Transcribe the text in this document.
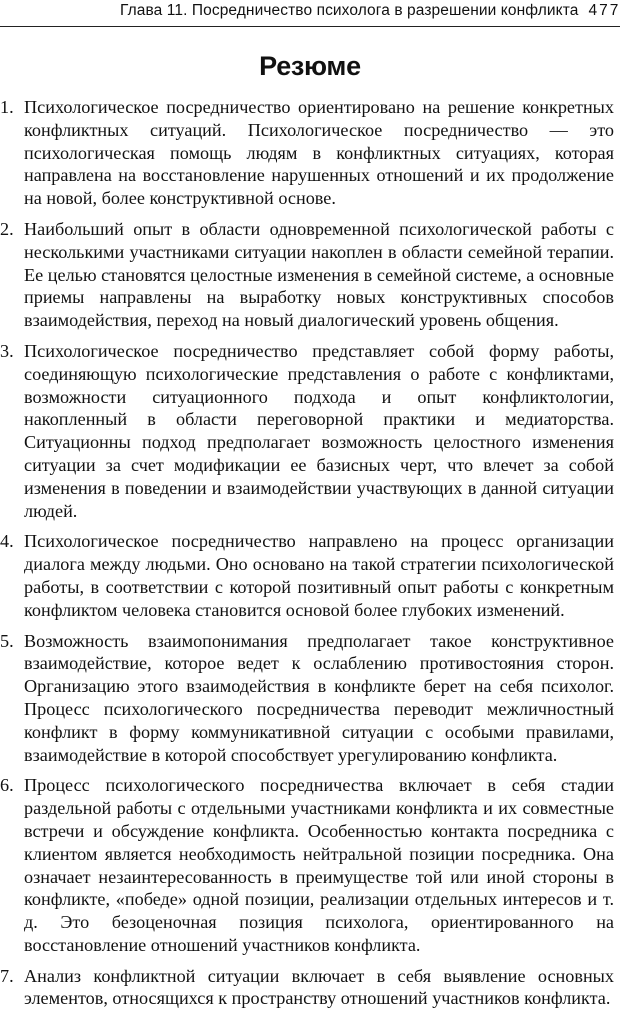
Глава 11. Посредничество психолога в разрешении конфликта 477
Резюме
1. Психологическое посредничество ориентировано на решение конкретных конфликтных ситуаций. Психологическое посредничество — это психологическая помощь людям в конфликтных ситуациях, которая направлена на восстановление нарушенных отношений и их продолжение на новой, более конструктивной основе.
2. Наибольший опыт в области одновременной психологической работы с несколькими участниками ситуации накоплен в области семейной терапии. Ее целью становятся целостные изменения в семейной системе, а основные приемы направлены на выработку новых конструктивных способов взаимодействия, переход на новый диалогический уровень общения.
3. Психологическое посредничество представляет собой форму работы, соединяющую психологические представления о работе с конфликтами, возможности ситуационного подхода и опыт конфликтологии, накопленный в области переговорной практики и медиаторства. Ситуационны подход предполагает возможность целостного изменения ситуации за счет модификации ее базисных черт, что влечет за собой изменения в поведении и взаимодействии участвующих в данной ситуации людей.
4. Психологическое посредничество направлено на процесс организации диалога между людьми. Оно основано на такой стратегии психологической работы, в соответствии с которой позитивный опыт работы с конкретным конфликтом человека становится основой более глубоких изменений.
5. Возможность взаимопонимания предполагает такое конструктивное взаимодействие, которое ведет к ослаблению противостояния сторон. Организацию этого взаимодействия в конфликте берет на себя психолог. Процесс психологического посредничества переводит межличностный конфликт в форму коммуникативной ситуации с особыми правилами, взаимодействие в которой способствует урегулированию конфликта.
6. Процесс психологического посредничества включает в себя стадии раздельной работы с отдельными участниками конфликта и их совместные встречи и обсуждение конфликта. Особенностью контакта посредника с клиентом является необходимость нейтральной позиции посредника. Она означает незаинтересованность в преимуществе той или иной стороны в конфликте, «победе» одной позиции, реализации отдельных интересов и т. д. Это безоценочная позиция психолога, ориентированного на восстановление отношений участников конфликта.
7. Анализ конфликтной ситуации включает в себя выявление основных элементов, относящихся к пространству отношений участников конфликта.
